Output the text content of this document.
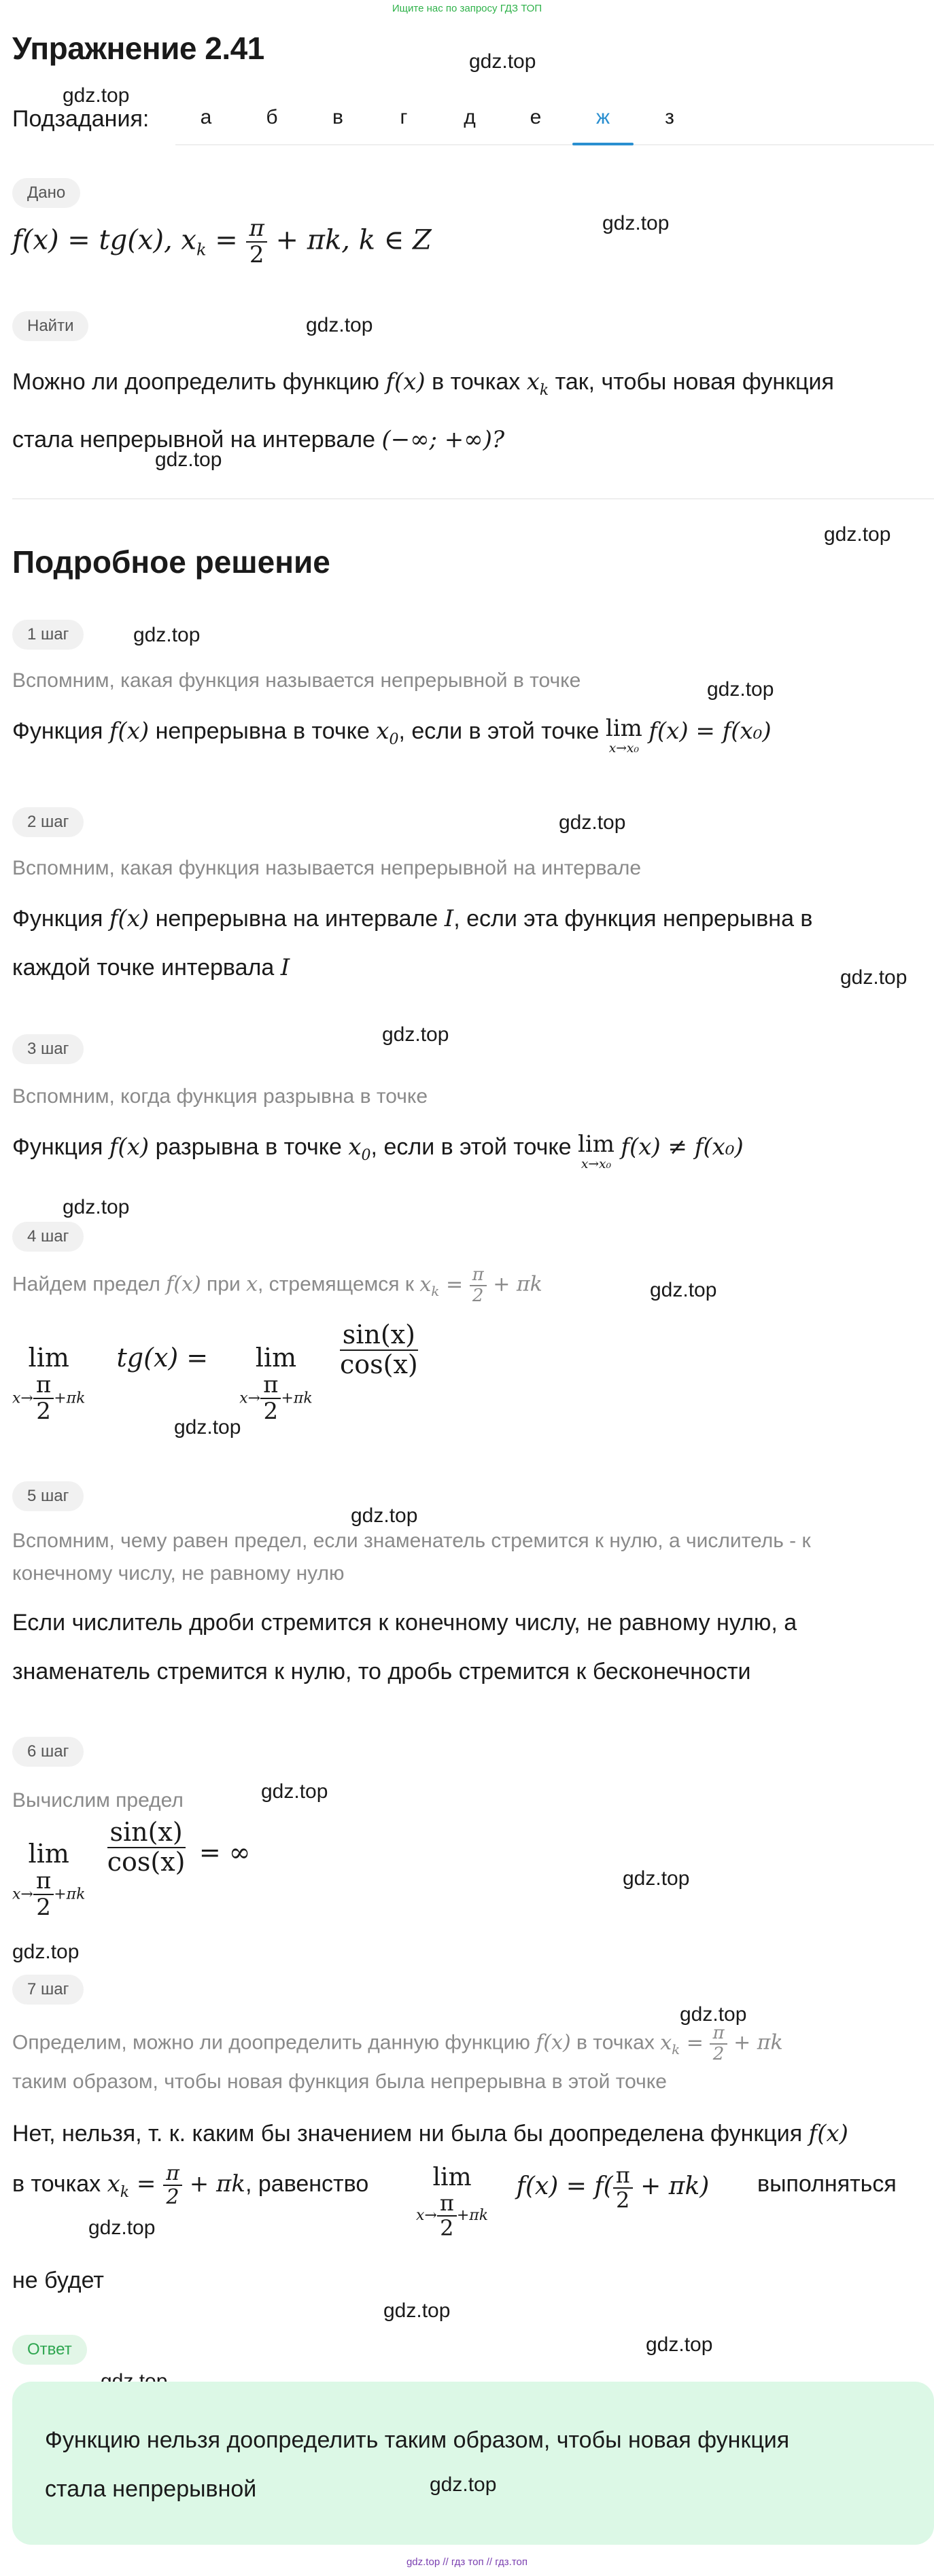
Ищите нас по запросу ГДЗ ТОП
Упражнение 2.41	gdz.top
gdz.top
Подзадания:	а	б	в	г	д	е	ж	з
Дано
gdz.top
f(x) = tg(x), $x_k = \frac{\pi}{2} + \pi k$, k ∈ Z
Найти	gdz.top
Можно ли доопределить функцию f(x) в точках $x_k$ так, чтобы новая функция
стала непрерывной на интервале (−∞; +∞)?
gdz.top
gdz.top
Подробное решение
1 шаг	gdz.top
Вспомним, какая функция называется непрерывной в точке	gdz.top
Функция f(x) непрерывна в точке $x_0$, если в этой точке lim
x→x₀
f(x) = f(x₀)
2 шаг	gdz.top
Вспомним, какая функция называется непрерывной на интервале
Функция f(x) непрерывна на интервале I, если эта функция непрерывна в
каждой точке интервала I	gdz.top
gdz.top
3 шаг
Вспомним, когда функция разрывна в точке
Функция f(x) разрывна в точке $x_0$, если в этой точке lim
x→x₀
f(x) ≠ f(x₀)
gdz.top
4 шаг
Найдем предел f(x) при x, стремящемся к $x_k = \frac{\pi}{2} + \pi k$	gdz.top
lim
$x\to \frac{\pi}{2} +\pi k$
tg(x) = lim
$x\to \frac{\pi}{2} +\pi k$

$\frac{\sin(x)}{\cos(x)}$
gdz.top
gdz.top
5 шаг
Вспомним, чему равен предел, если знаменатель стремится к нулю, а числитель - к
конечному числу, не равному нулю
Если числитель дроби стремится к конечному числу, не равному нулю, а
знаменатель стремится к нулю, то дробь стремится к бесконечности
6 шаг
Вычислим предел	gdz.top
lim
$x\to \frac{\pi}{2} +\pi k$

$\frac{\sin(x)}{\cos(x)}$ = ∞
gdz.top
gdz.top
7 шаг
gdz.top
Определим, можно ли доопределить данную функцию f(x) в точках $x_k = \frac{\pi}{2} + \pi k$
таким образом, чтобы новая функция была непрерывна в этой точке
Нет, нельзя, т. к. каким бы значением ни была бы доопределена функция f(x)
в точках $x_k = \frac{\pi}{2} + \pi k$, равенство	lim
$x\to \frac{\pi}{2} +\pi k$
$f(x) = f( \frac{\pi}{2} + \pi k)$ выполняться
gdz.top
не будет
gdz.top
Ответ	gdz.top
Функцию нельзя доопределить таким образом, чтобы новая функция
стала непрерывной	gdz.top
gdz.top // гдз топ // гдз.топ
